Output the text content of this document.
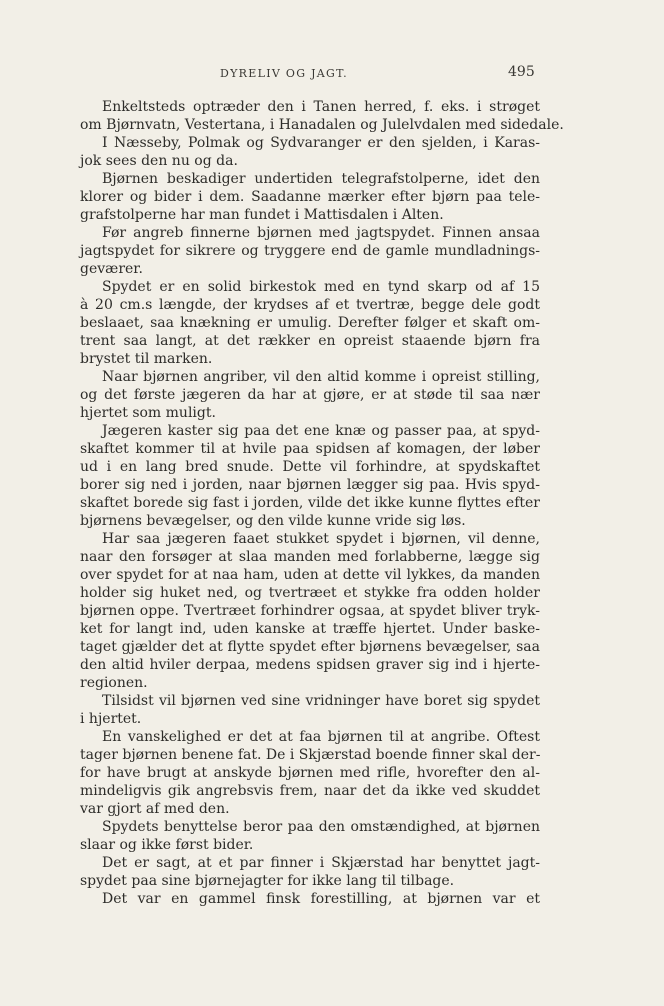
DYRELIV OG JAGT.	495
Enkeltsteds optræder den i Tanen herred, f. eks. i strøget
om Bjørnvatn, Vestertana, i Hanadalen og Julelvdalen med sidedale.
I Næsseby, Polmak og Sydvaranger er den sjelden, i Karas-
jok sees den nu og da.
Bjørnen beskadiger undertiden telegrafstolperne, idet den
klorer og bider i dem. Saadanne mærker efter bjørn paa tele-
grafstolperne har man fundet i Mattisdalen i Alten.
Før angreb finnerne bjørnen med jagtspydet. Finnen ansaa
jagtspydet for sikrere og tryggere end de gamle mundladnings-
geværer.
Spydet er en solid birkestok med en tynd skarp od af 15
à 20 cm.s længde, der krydses af et tvertræ, begge dele godt
beslaaet, saa knækning er umulig. Derefter følger et skaft om-
trent saa langt, at det rækker en opreist staaende bjørn fra
brystet til marken.
Naar bjørnen angriber, vil den altid komme i opreist stilling,
og det første jægeren da har at gjøre, er at støde til saa nær
hjertet som muligt.
Jægeren kaster sig paa det ene knæ og passer paa, at spyd-
skaftet kommer til at hvile paa spidsen af komagen, der løber
ud i en lang bred snude. Dette vil forhindre, at spydskaftet
borer sig ned i jorden, naar bjørnen lægger sig paa. Hvis spyd-
skaftet borede sig fast i jorden, vilde det ikke kunne flyttes efter
bjørnens bevægelser, og den vilde kunne vride sig løs.
Har saa jægeren faaet stukket spydet i bjørnen, vil denne,
naar den forsøger at slaa manden med forlabberne, lægge sig
over spydet for at naa ham, uden at dette vil lykkes, da manden
holder sig huket ned, og tvertræet et stykke fra odden holder
bjørnen oppe. Tvertræet forhindrer ogsaa, at spydet bliver tryk-
ket for langt ind, uden kanske at træffe hjertet. Under baske-
taget gjælder det at flytte spydet efter bjørnens bevægelser, saa
den altid hviler derpaa, medens spidsen graver sig ind i hjerte-
regionen.
Tilsidst vil bjørnen ved sine vridninger have boret sig spydet
i hjertet.
En vanskelighed er det at faa bjørnen til at angribe. Oftest
tager bjørnen benene fat. De i Skjærstad boende finner skal der-
for have brugt at anskyde bjørnen med rifle, hvorefter den al-
mindeligvis gik angrebsvis frem, naar det da ikke ved skuddet
var gjort af med den.
Spydets benyttelse beror paa den omstændighed, at bjørnen
slaar og ikke først bider.
Det er sagt, at et par finner i Skjærstad har benyttet jagt-
spydet paa sine bjørnejagter for ikke lang til tilbage.
Det var en gammel finsk forestilling, at bjørnen var et
